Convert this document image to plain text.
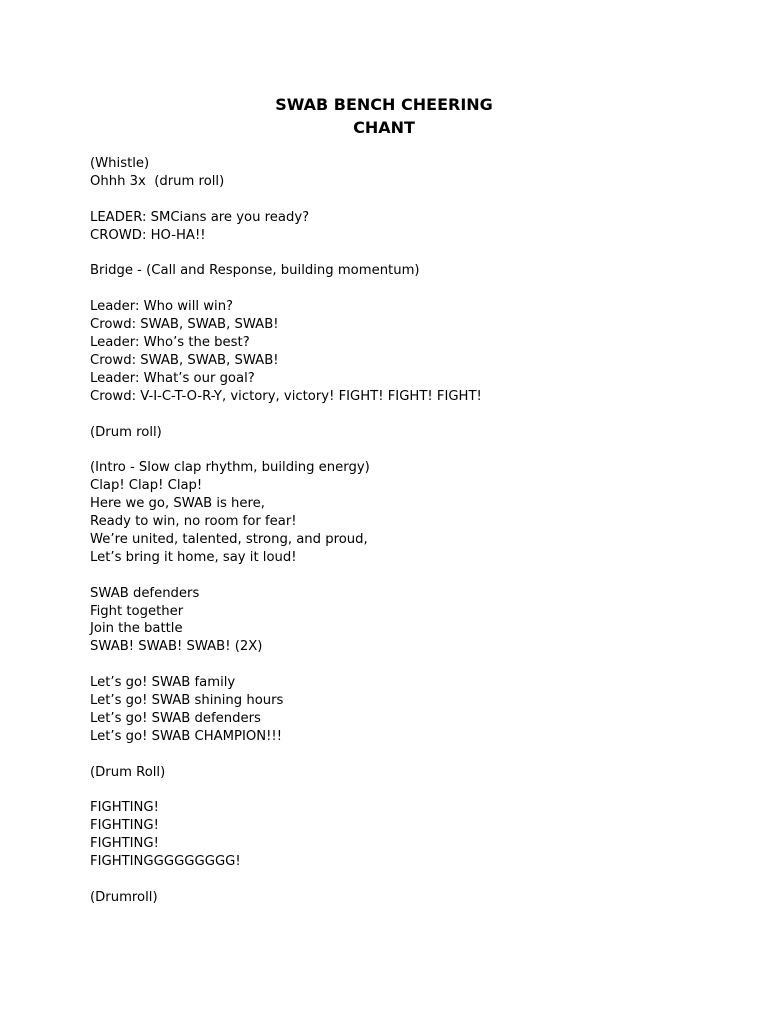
SWAB BENCH CHEERING
CHANT
(Whistle)
Ohhh 3x  (drum roll)
LEADER: SMCians are you ready?
CROWD: HO-HA!!
Bridge - (Call and Response, building momentum)
Leader: Who will win?
Crowd: SWAB, SWAB, SWAB!
Leader: Who’s the best?
Crowd: SWAB, SWAB, SWAB!
Leader: What’s our goal?
Crowd: V-I-C-T-O-R-Y, victory, victory! FIGHT! FIGHT! FIGHT!
(Drum roll)
(Intro - Slow clap rhythm, building energy)
Clap! Clap! Clap!
Here we go, SWAB is here,
Ready to win, no room for fear!
We’re united, talented, strong, and proud,
Let’s bring it home, say it loud!
SWAB defenders
Fight together
Join the battle
SWAB! SWAB! SWAB! (2X)
Let’s go! SWAB family
Let’s go! SWAB shining hours
Let’s go! SWAB defenders
Let’s go! SWAB CHAMPION!!!
(Drum Roll)
FIGHTING!
FIGHTING!
FIGHTING!
FIGHTINGGGGGGGGG!
(Drumroll)
